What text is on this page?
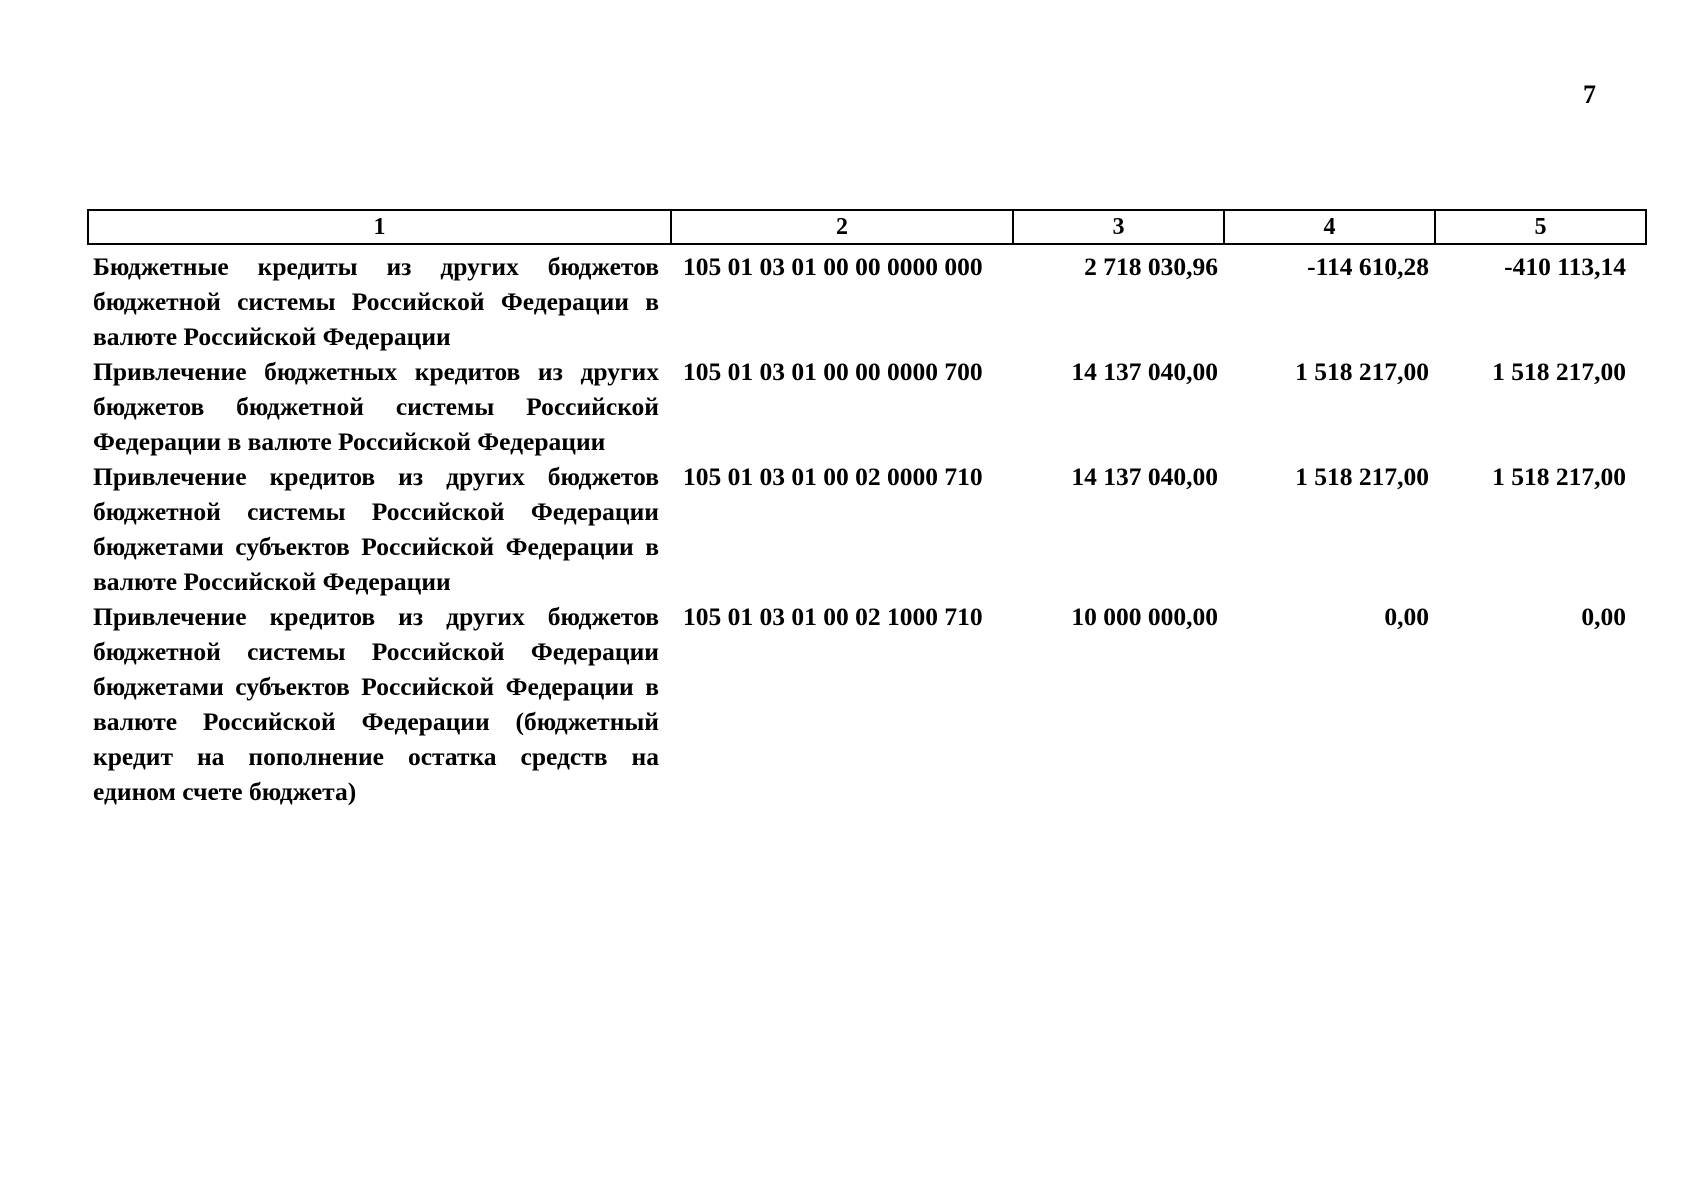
7
1	2	3	4	5
Бюджетные кредиты из других бюджетов бюджетной системы Российской Федерации в валюте Российской Федерации	105 01 03 01 00 00 0000 000	2 718 030,96	-114 610,28	-410 113,14
Привлечение бюджетных кредитов из других бюджетов бюджетной системы Российской Федерации в валюте Российской Федерации	105 01 03 01 00 00 0000 700	14 137 040,00	1 518 217,00	1 518 217,00
Привлечение кредитов из других бюджетов бюджетной системы Российской Федерации бюджетами субъектов Российской Федерации в валюте Российской Федерации	105 01 03 01 00 02 0000 710	14 137 040,00	1 518 217,00	1 518 217,00
Привлечение кредитов из других бюджетов бюджетной системы Российской Федерации бюджетами субъектов Российской Федерации в валюте Российской Федерации (бюджетный кредит на пополнение остатка средств на едином счете бюджета)	105 01 03 01 00 02 1000 710	10 000 000,00	0,00	0,00
